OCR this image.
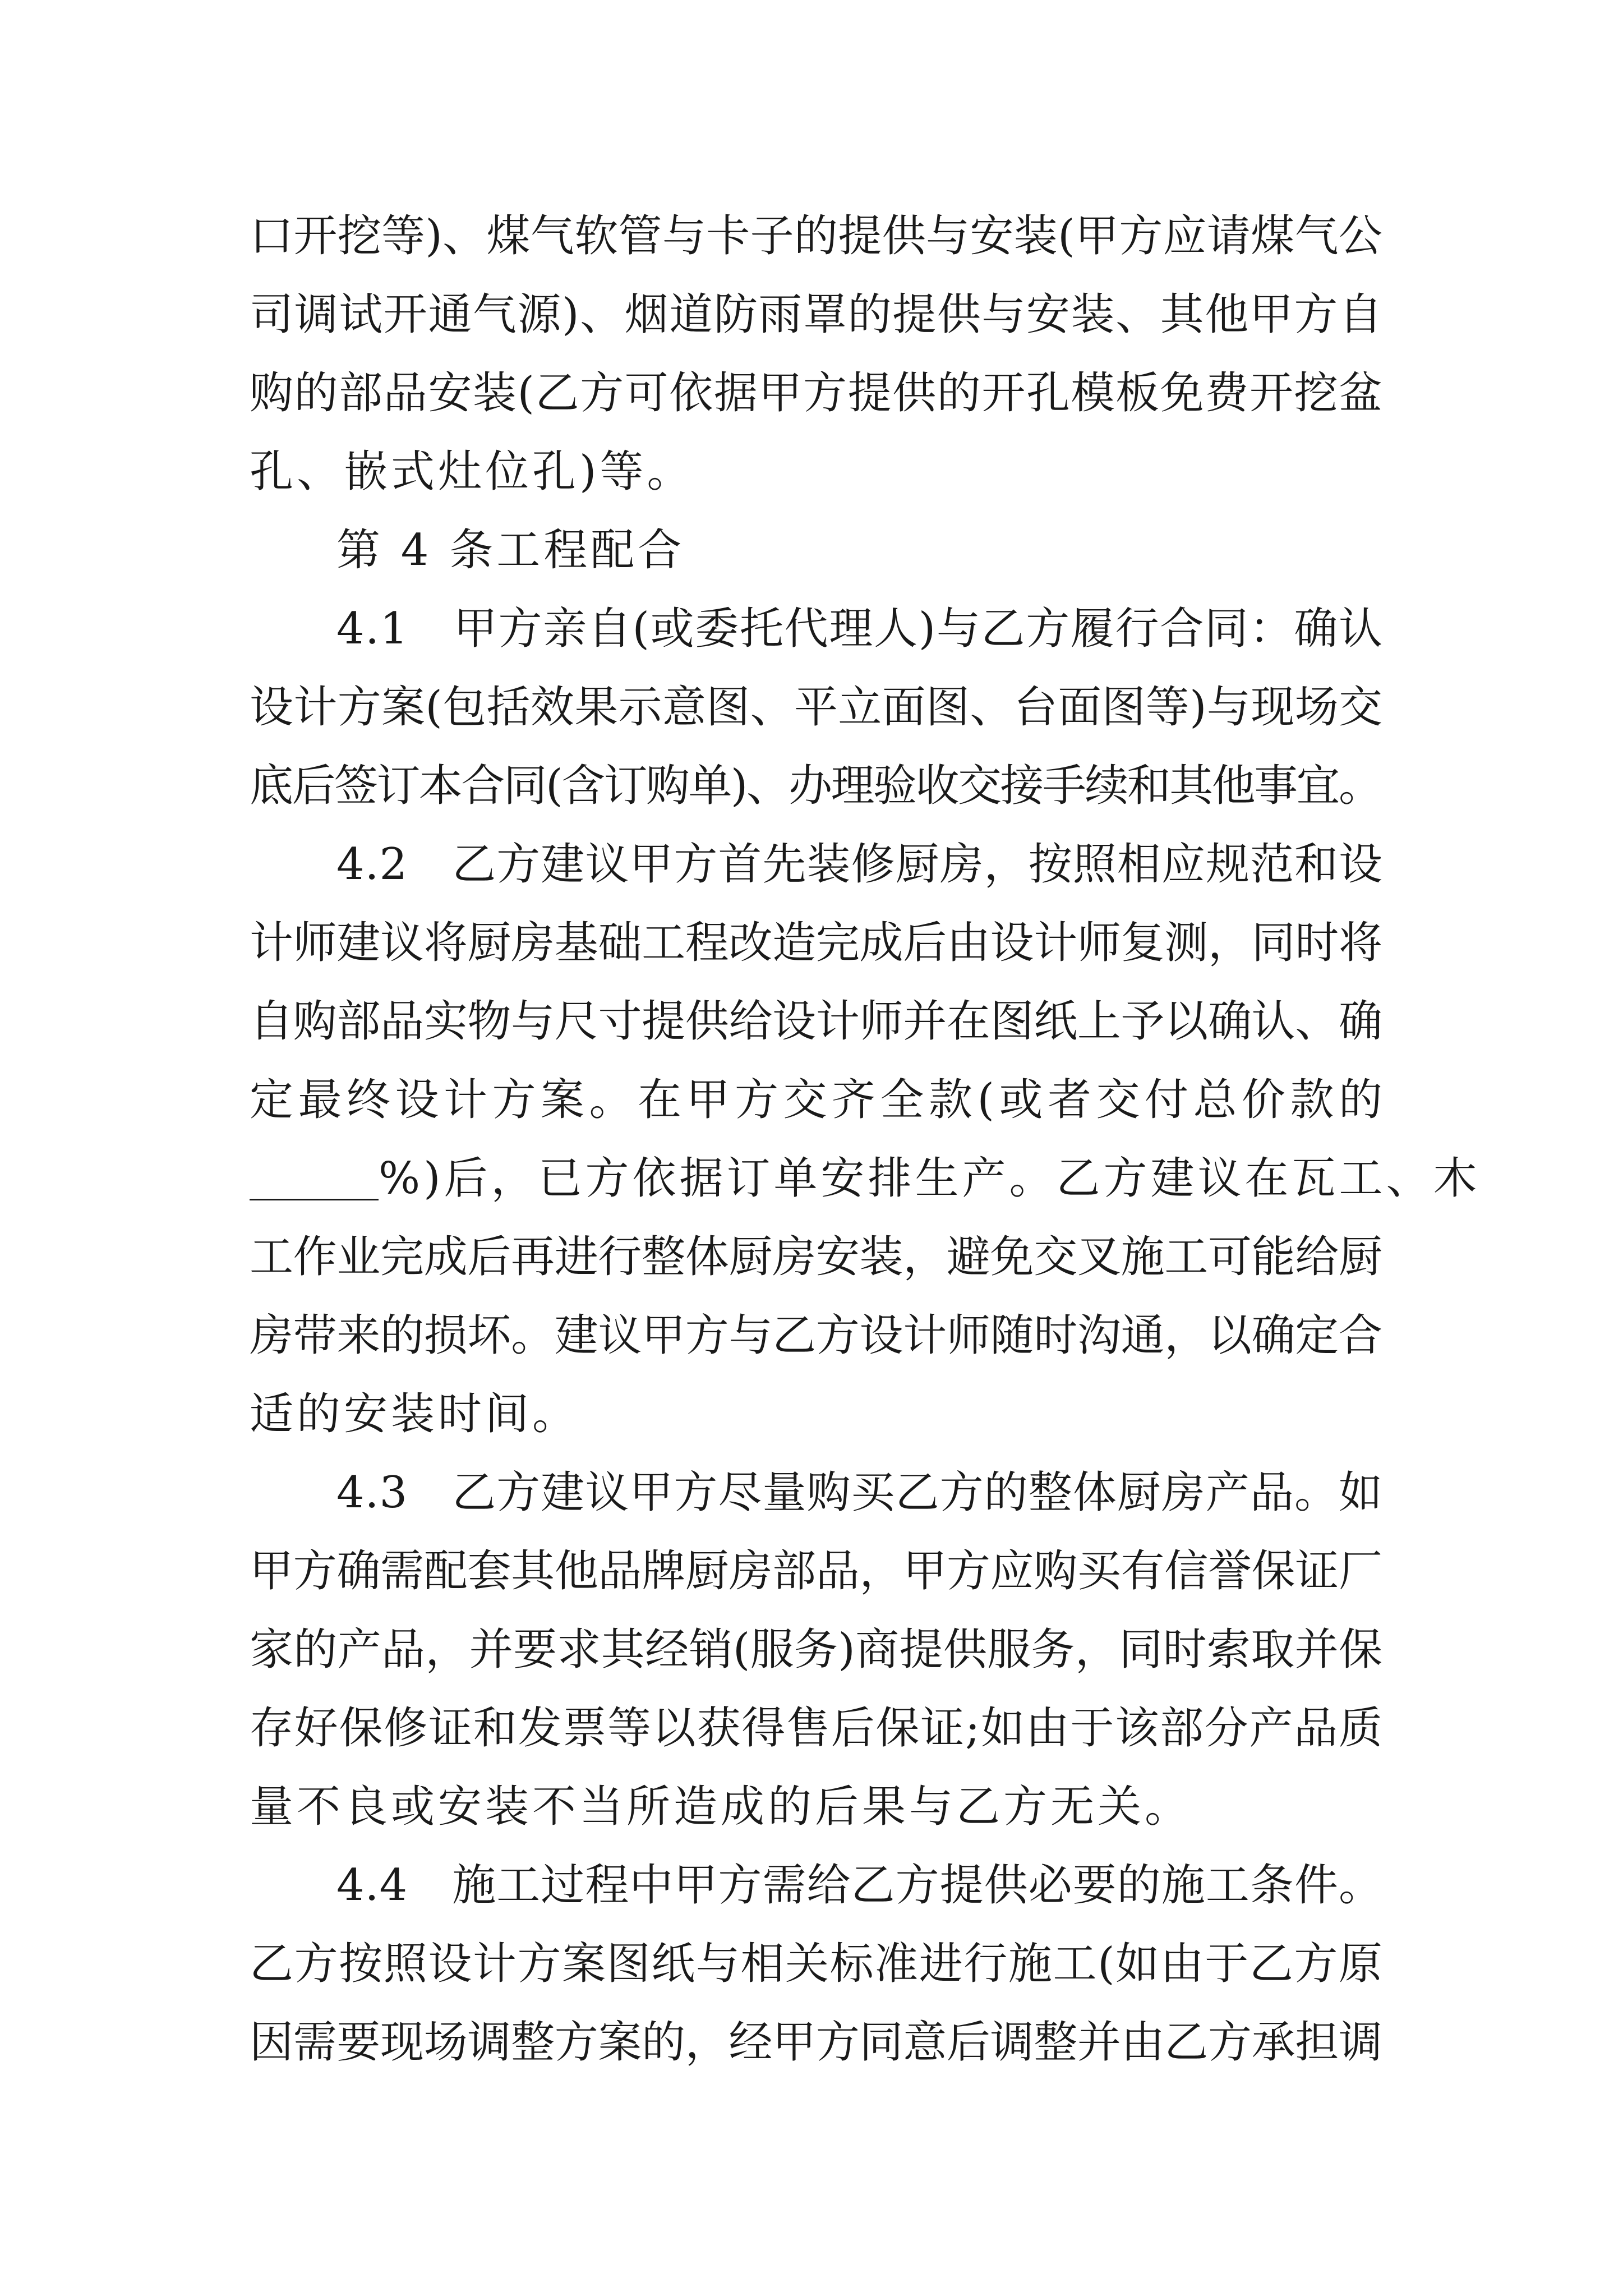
口开挖等)、煤气软管与卡子的提供与安装(甲方应请煤气公
司调试开通气源)、烟道防雨罩的提供与安装、其他甲方自
购的部品安装(乙方可依据甲方提供的开孔模板免费开挖盆
孔、嵌式灶位孔)等。
第 4 条工程配合
4.1　甲方亲自(或委托代理人)与乙方履行合同：确认
设计方案(包括效果示意图、平立面图、台面图等)与现场交
底后签订本合同(含订购单)、办理验收交接手续和其他事宜。
4.2　乙方建议甲方首先装修厨房，按照相应规范和设
计师建议将厨房基础工程改造完成后由设计师复测，同时将
自购部品实物与尺寸提供给设计师并在图纸上予以确认、确
定最终设计方案。在甲方交齐全款(或者交付总价款的
%)后，已方依据订单安排生产。乙方建议在瓦工、木
工作业完成后再进行整体厨房安装，避免交叉施工可能给厨
房带来的损坏。建议甲方与乙方设计师随时沟通，以确定合
适的安装时间。
4.3　乙方建议甲方尽量购买乙方的整体厨房产品。如
甲方确需配套其他品牌厨房部品，甲方应购买有信誉保证厂
家的产品，并要求其经销(服务)商提供服务，同时索取并保
存好保修证和发票等以获得售后保证;如由于该部分产品质
量不良或安装不当所造成的后果与乙方无关。
4.4　施工过程中甲方需给乙方提供必要的施工条件。
乙方按照设计方案图纸与相关标准进行施工(如由于乙方原
因需要现场调整方案的，经甲方同意后调整并由乙方承担调
